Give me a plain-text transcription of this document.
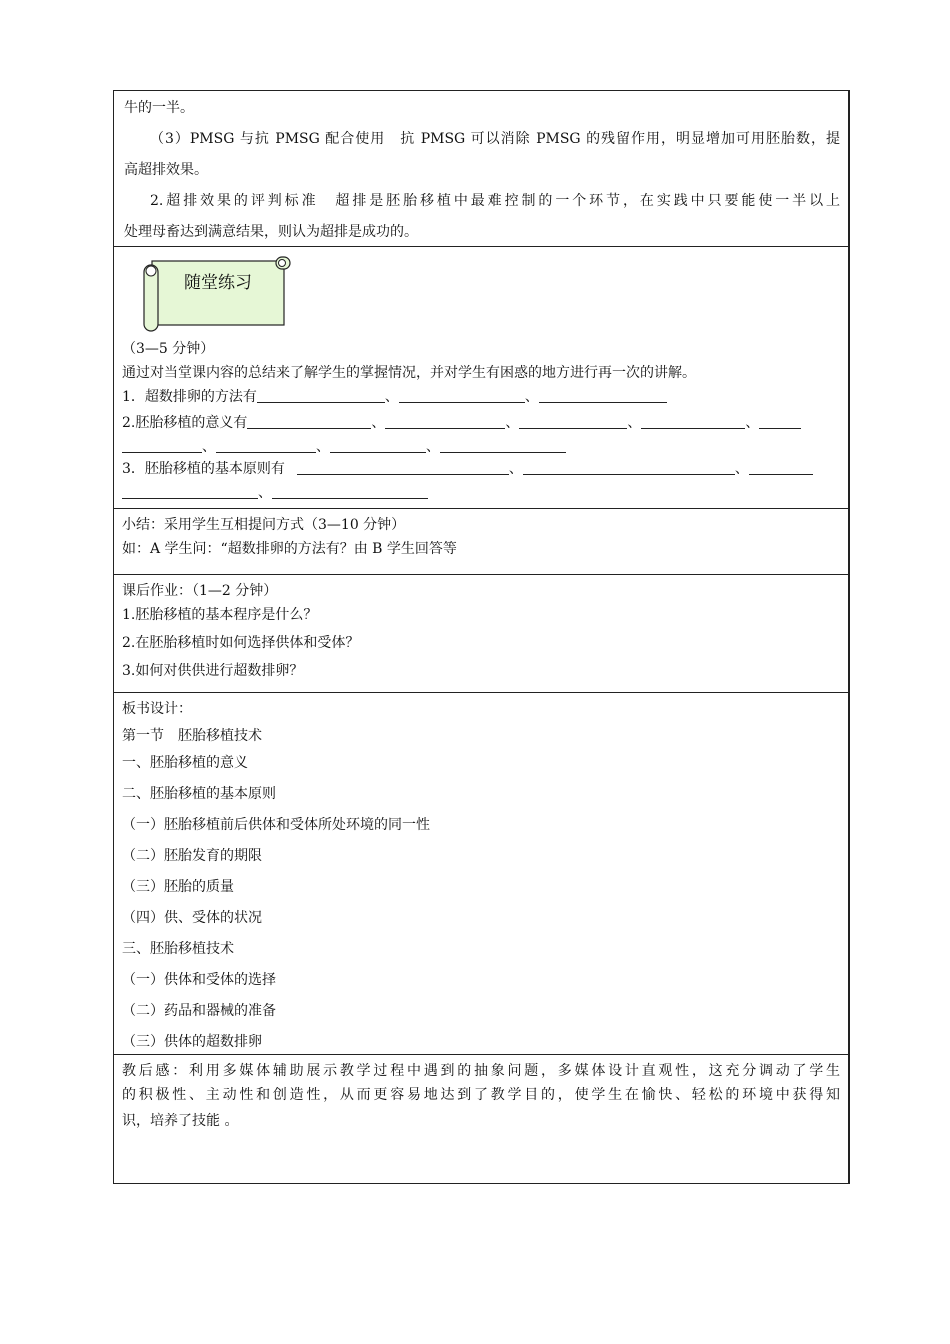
牛的一半。
（3）PMSG 与抗 PMSG 配合使用　抗 PMSG 可以消除 PMSG 的残留作用，明显增加可用胚胎数，提
高超排效果。
2.超排效果的评判标准　超排是胚胎移植中最难控制的一个环节，在实践中只要能使一半以上
处理母畜达到满意结果，则认为超排是成功的。
随堂练习
（3—5 分钟）
通过对当堂课内容的总结来了解学生的掌握情况，并对学生有困惑的地方进行再一次的讲解。
1．超数排卵的方法有	、	、
2.胚胎移植的意义有	、	、	、	、
、	、	、
3．胚胎移植的基本原则有	、	、
、
小结：采用学生互相提问方式（3—10 分钟）
如：A 学生问：“超数排卵的方法有？由 B 学生回答等
课后作业：（1—2 分钟）
1.胚胎移植的基本程序是什么？
2.在胚胎移植时如何选择供体和受体？
3.如何对供供进行超数排卵？
板书设计：
第一节　胚胎移植技术
一、胚胎移植的意义
二、胚胎移植的基本原则
（一）胚胎移植前后供体和受体所处环境的同一性
（二）胚胎发育的期限
（三）胚胎的质量
（四）供、受体的状况
三、胚胎移植技术
（一）供体和受体的选择
（二）药品和器械的准备
（三）供体的超数排卵
教后感：利用多媒体辅助展示教学过程中遇到的抽象问题，多媒体设计直观性，这充分调动了学生
的积极性、主动性和创造性，从而更容易地达到了教学目的，使学生在愉快、轻松的环境中获得知
识，培养了技能 。
